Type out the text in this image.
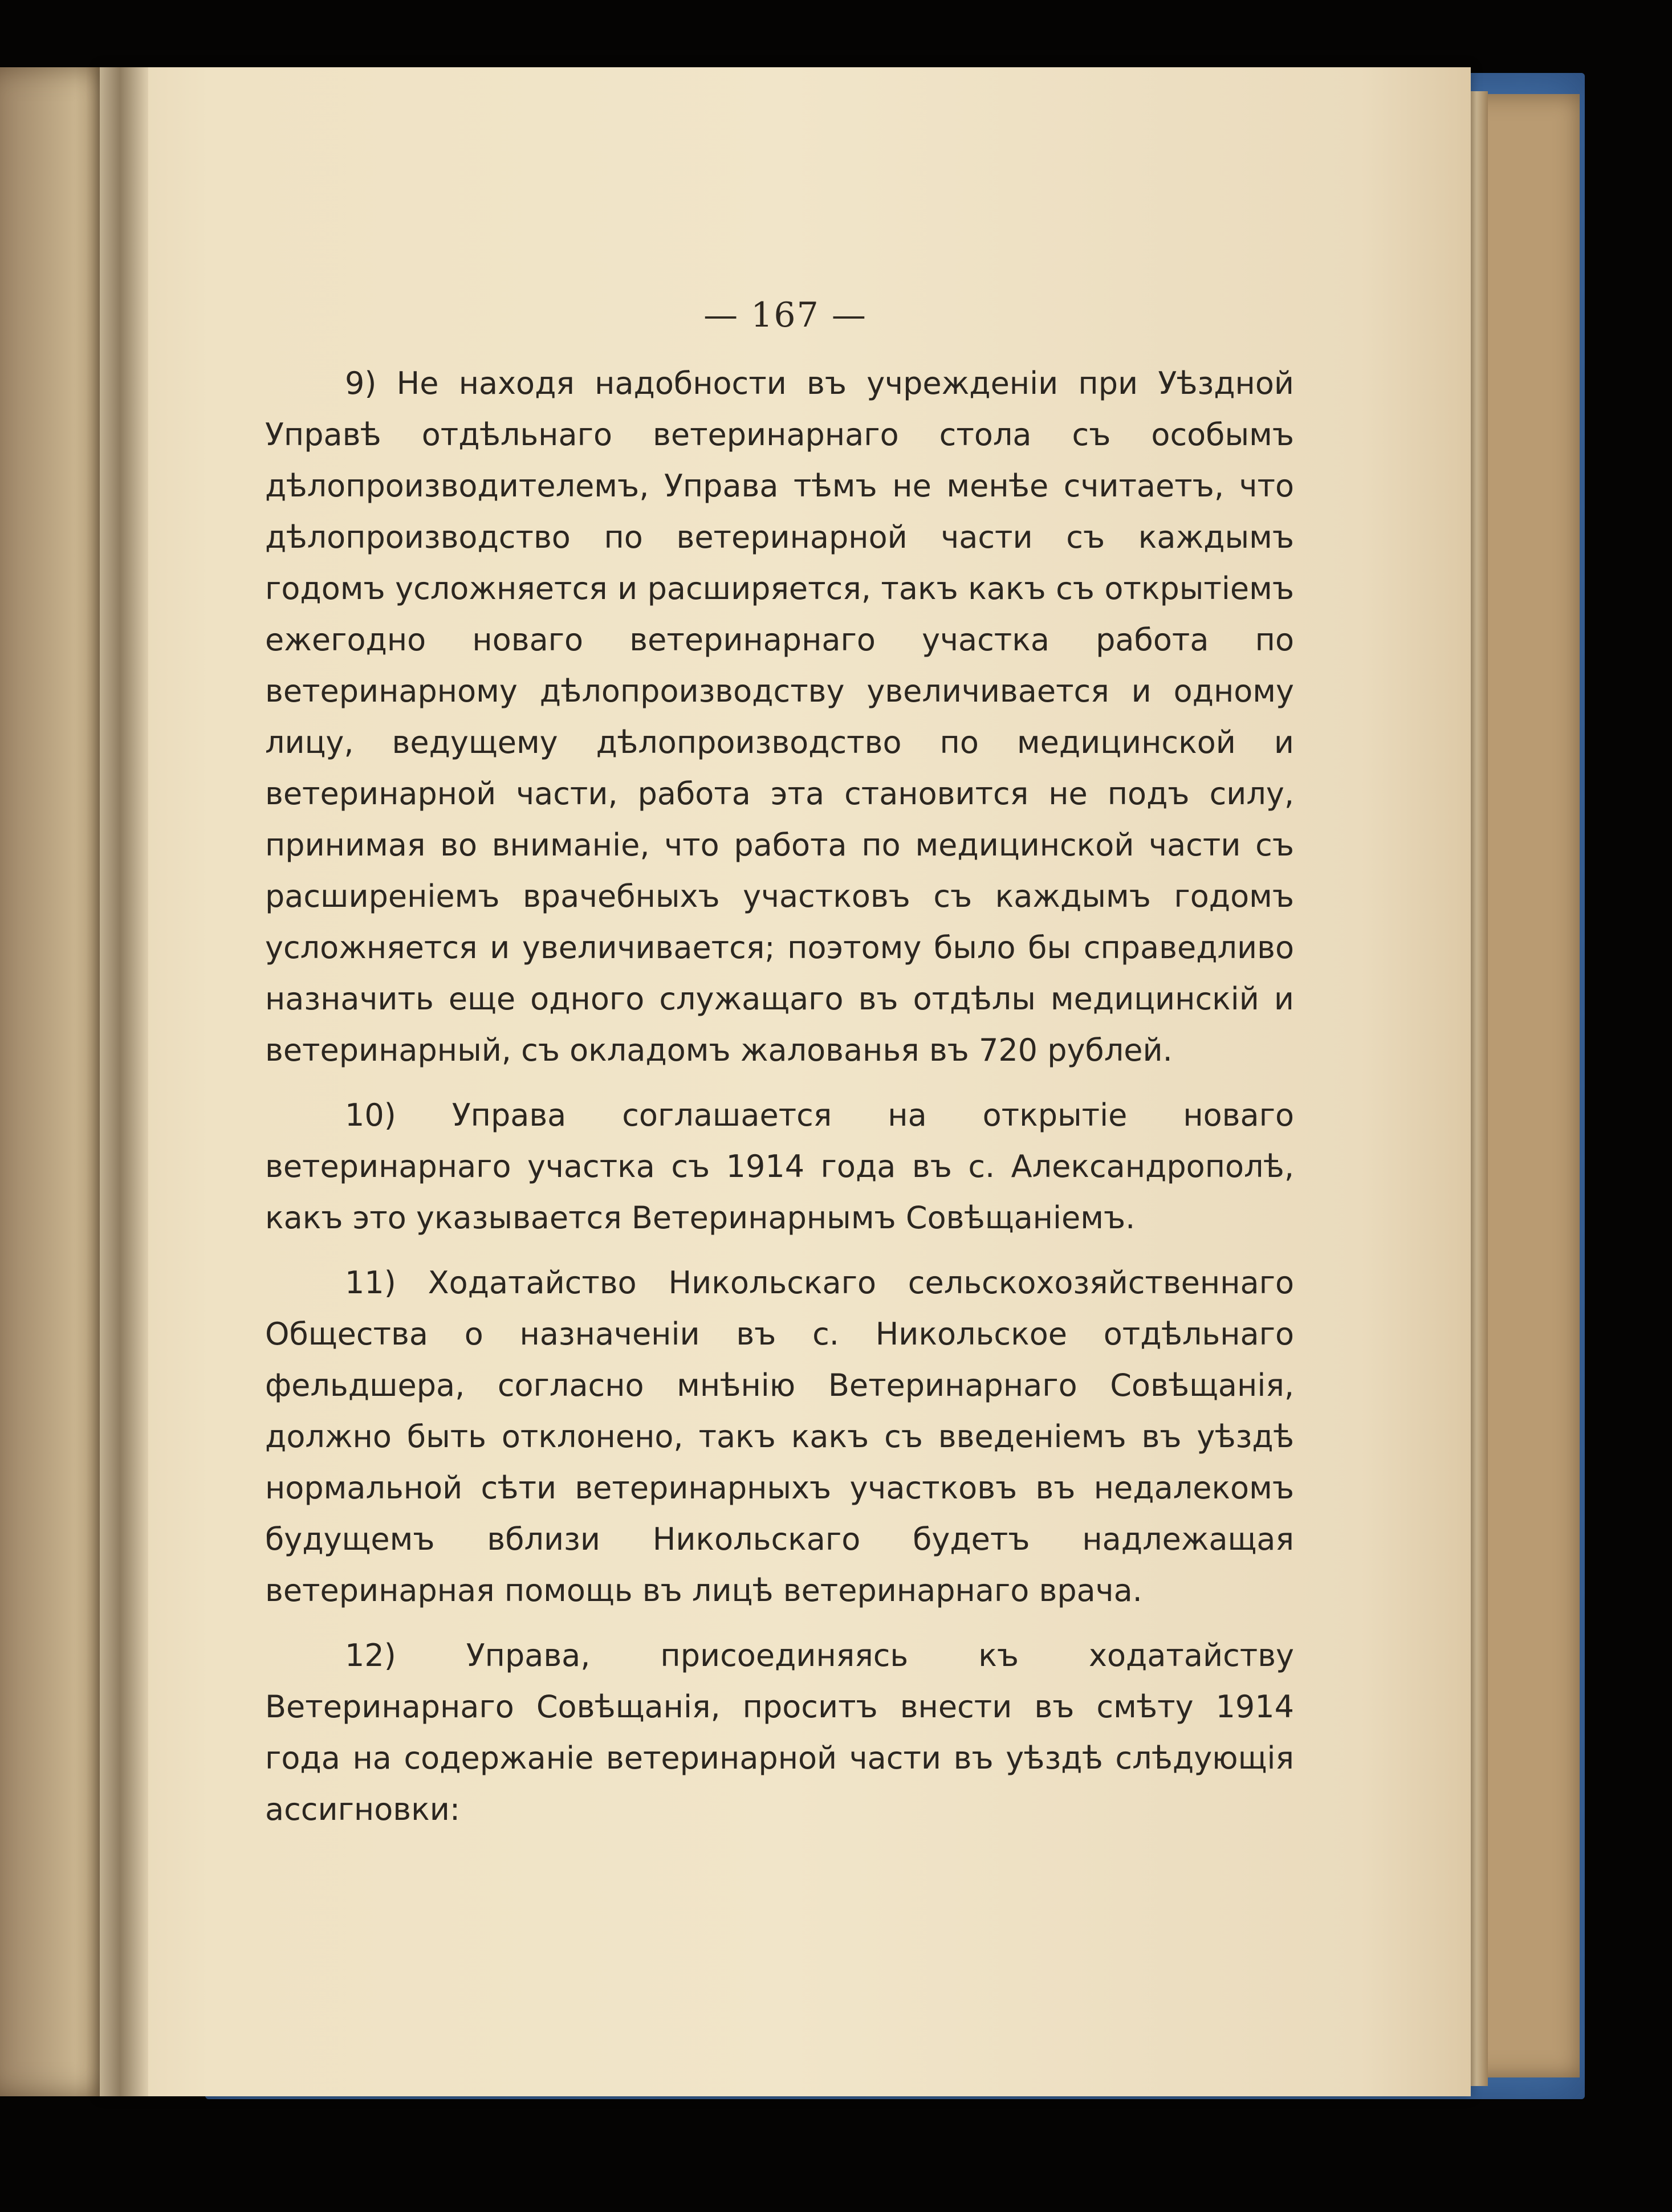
— 167 —

9) Не находя надобности въ учрежденіи при Уѣздной Управѣ отдѣльнаго ветеринарнаго стола съ особымъ дѣлопроизводителемъ, Управа тѣмъ не менѣе считаетъ, что дѣлопроизводство по ветеринарной части съ каждымъ годомъ усложняется и расширяется, такъ какъ съ открытіемъ ежегодно новаго ветеринарнаго участка работа по ветеринарному дѣлопроизводству увеличивается и одному лицу, ведущему дѣлопроизводство по медицинской и ветеринарной части, работа эта становится не подъ силу, принимая во вниманіе, что работа по медицинской части съ расширеніемъ врачебныхъ участковъ съ каждымъ годомъ усложняется и увеличивается; поэтому было бы справедливо назначить еще одного служащаго въ отдѣлы медицинскій и ветеринарный, съ окладомъ жалованья въ 720 рублей.

10) Управа соглашается на открытіе новаго ветеринарнаго участка съ 1914 года въ с. Александрополѣ, какъ это указывается Ветеринарнымъ Совѣщаніемъ.

11) Ходатайство Никольскаго сельскохозяйственнаго Общества о назначеніи въ с. Никольское отдѣльнаго фельдшера, согласно мнѣнію Ветеринарнаго Совѣщанія, должно быть отклонено, такъ какъ съ введеніемъ въ уѣздѣ нормальной сѣти ветеринарныхъ участковъ въ недалекомъ будущемъ вблизи Никольскаго будетъ надлежащая ветеринарная помощь въ лицѣ ветеринарнаго врача.

12) Управа, присоединяясь къ ходатайству Ветеринарнаго Совѣщанія, проситъ внести въ смѣту 1914 года на содержаніе ветеринарной части въ уѣздѣ слѣдующія ассигновки:
